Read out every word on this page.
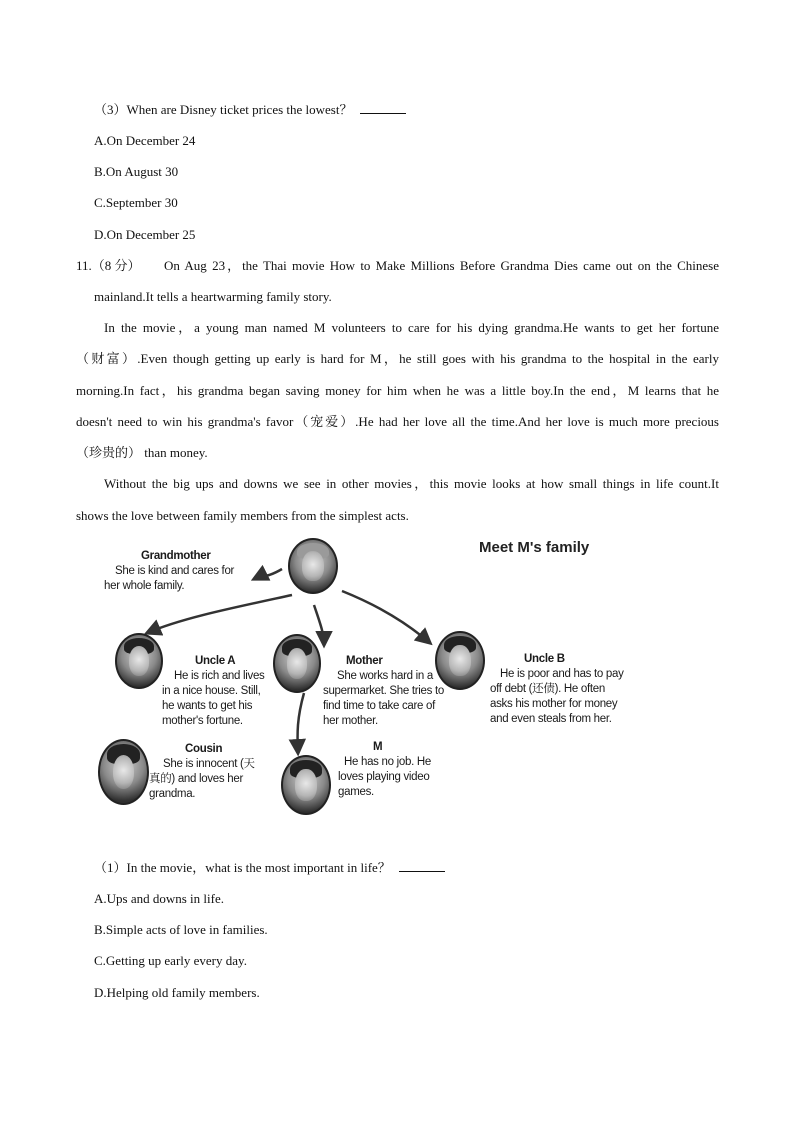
（3）When are Disney ticket prices the lowest？
A.On December 24
B.On August 30
C.September 30
D.On December 25
11.（8 分） On Aug 23，the Thai movie How to Make Millions Before Grandma Dies came out on the Chinese
mainland.It tells a heartwarming family story.
In the movie，a young man named M volunteers to care for his dying grandma.He wants to get her fortune
（财富）.Even though getting up early is hard for M，he still goes with his grandma to the hospital in the early
morning.In fact，his grandma began saving money for him when he was a little boy.In the end，M learns that he
doesn't need to win his grandma's favor（宠爱）.He had her love all the time.And her love is much more precious
（珍贵的） than money.
Without the big ups and downs we see in other movies，this movie looks at how small things in life count.It
shows the love between family members from the simplest acts.
Meet M's family
Grandmother
She is kind and cares for
her whole family.
Uncle A
He is rich and lives
in a nice house. Still,
he wants to get his
mother's fortune.
Mother
She works hard in a
supermarket. She tries to
find time to take care of
her mother.
Uncle B
He is poor and has to pay
off debt (还债). He often
asks his mother for money
and even steals from her.
Cousin
She is innocent (天
真的) and loves her
grandma.
M
He has no job. He
loves playing video
games.
（1）In the movie，what is the most important in life？
A.Ups and downs in life.
B.Simple acts of love in families.
C.Getting up early every day.
D.Helping old family members.
